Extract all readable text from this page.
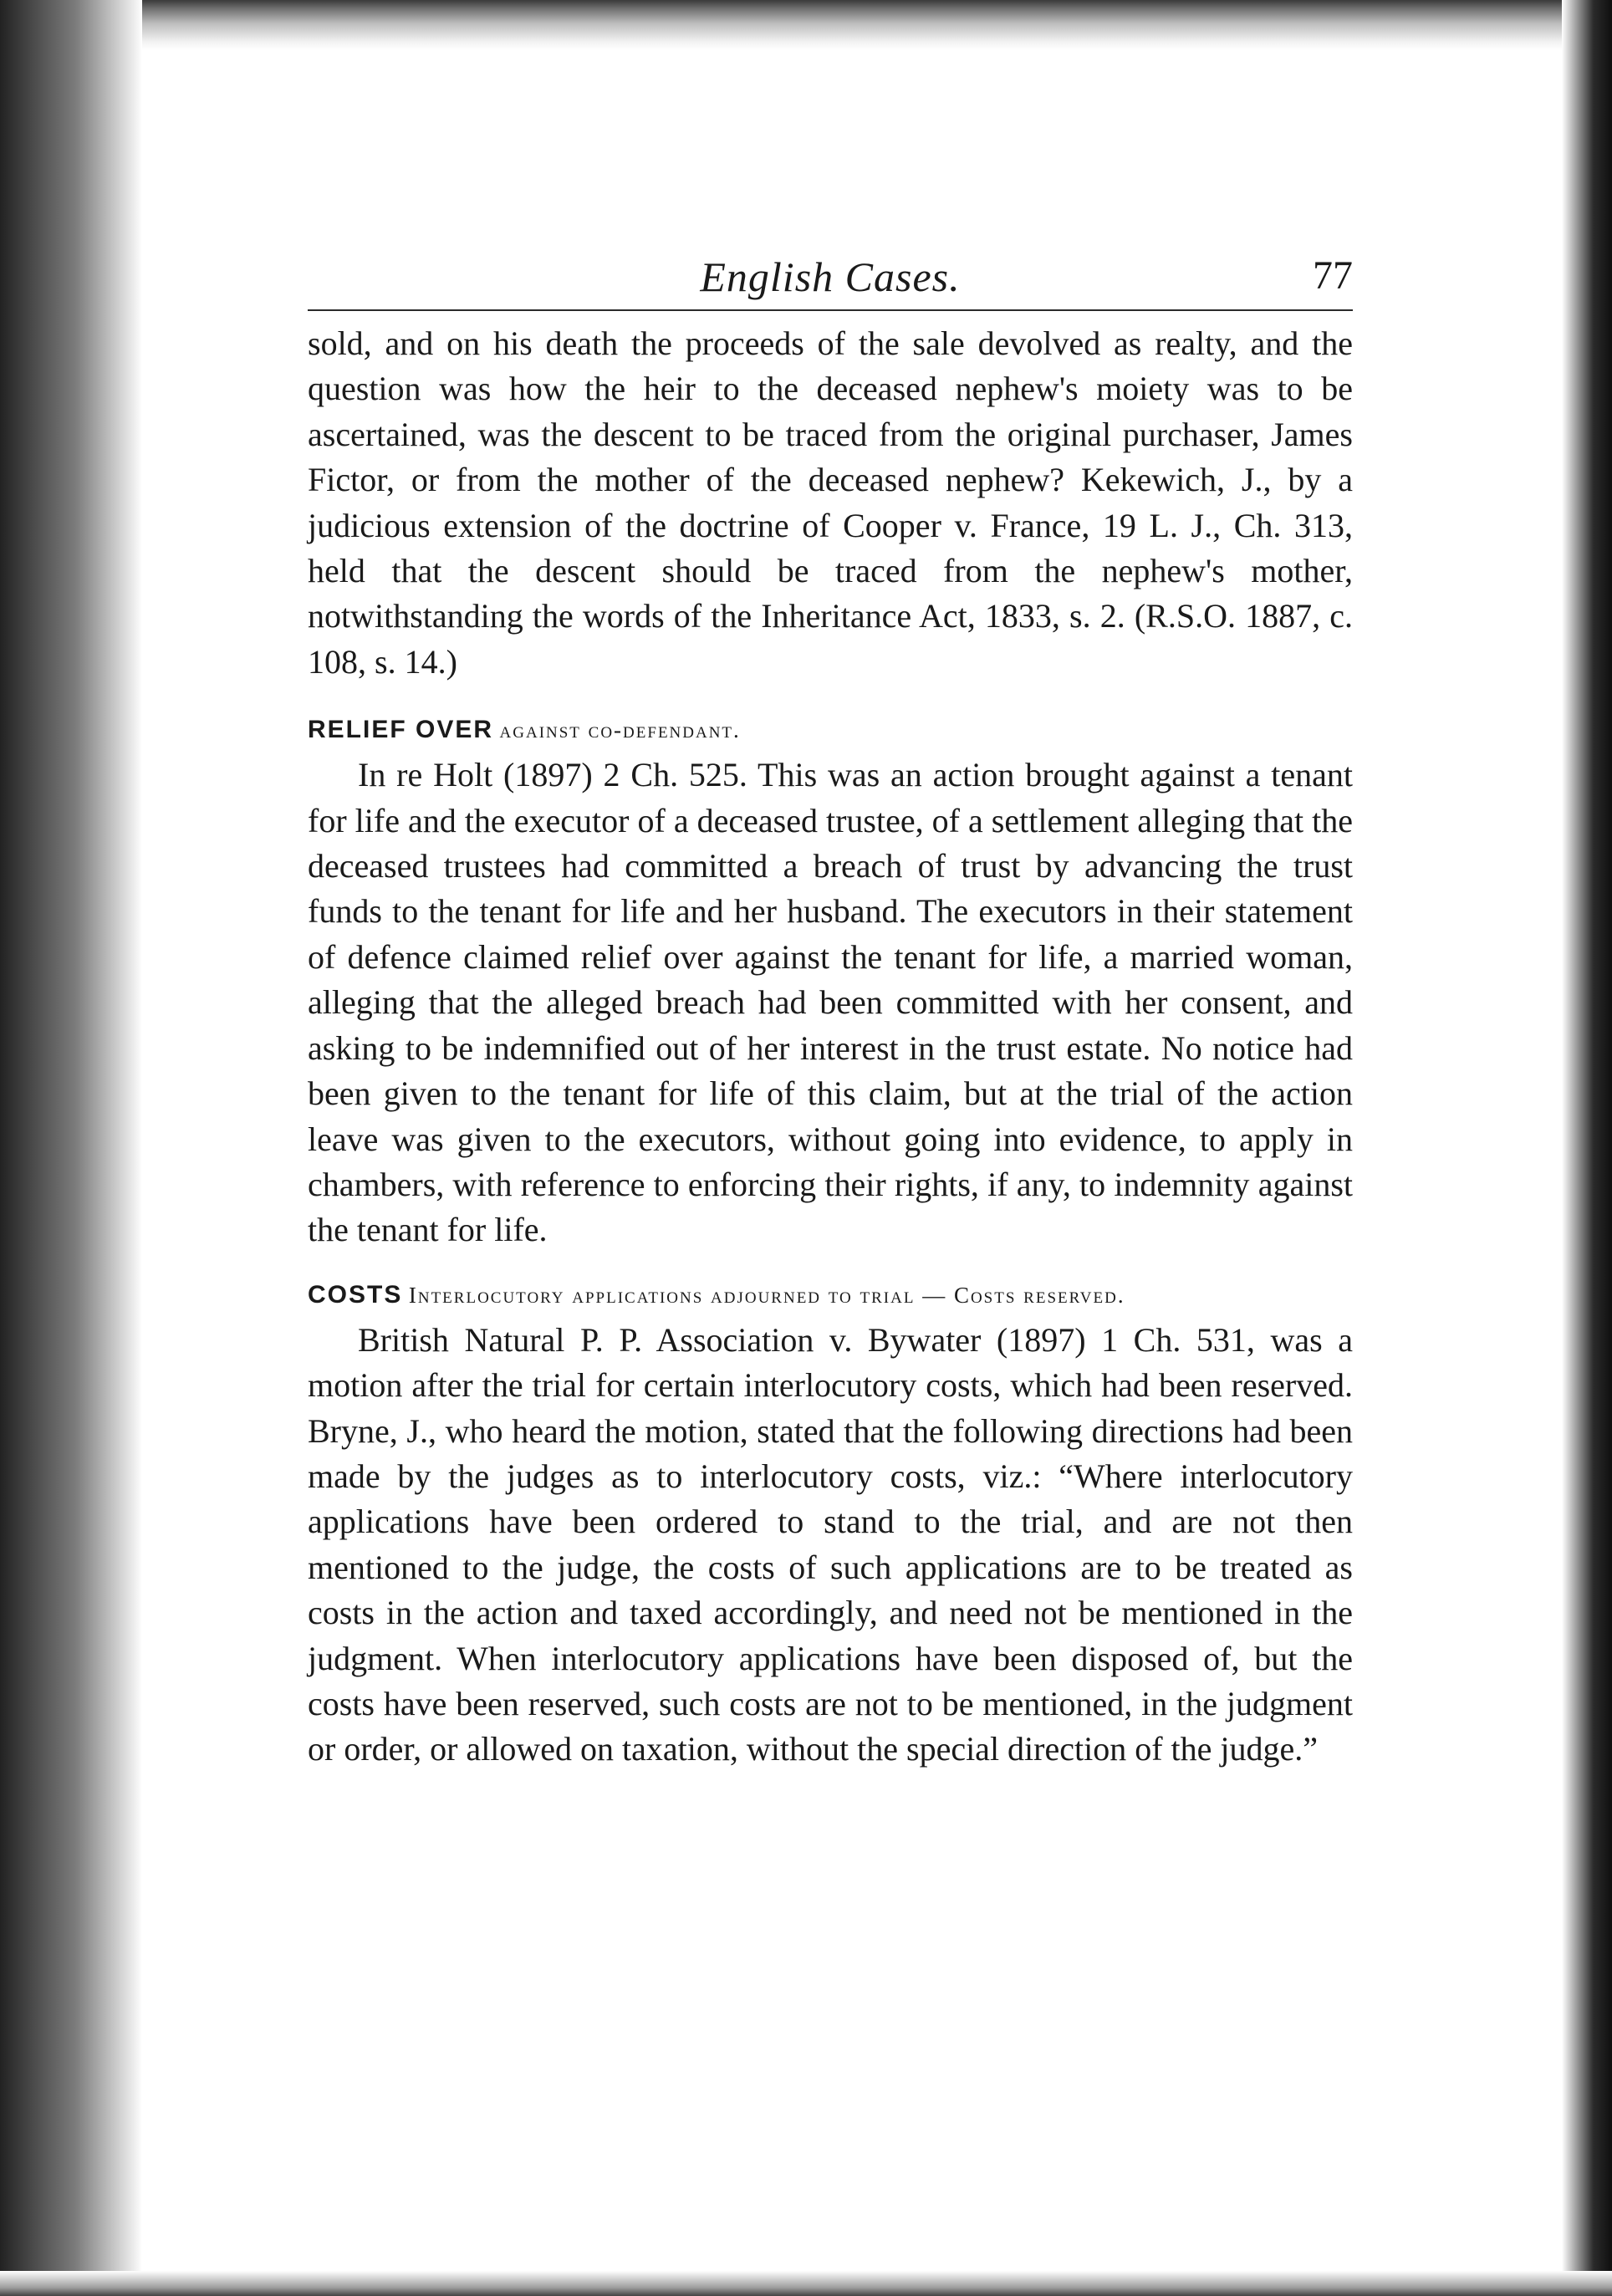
English Cases.	77

sold, and on his death the proceeds of the sale devolved as realty, and the question was how the heir to the deceased nephew's moiety was to be ascertained, was the descent to be traced from the original purchaser, James Fictor, or from the mother of the deceased nephew? Kekewich, J., by a judicious extension of the doctrine of Cooper v. France, 19 L. J., Ch. 313, held that the descent should be traced from the nephew's mother, notwithstanding the words of the Inheritance Act, 1833, s. 2. (R.S.O. 1887, c. 108, s. 14.)

RELIEF OVER against co-defendant.

In re Holt (1897) 2 Ch. 525. This was an action brought against a tenant for life and the executor of a deceased trustee, of a settlement alleging that the deceased trustees had committed a breach of trust by advancing the trust funds to the tenant for life and her husband. The executors in their statement of defence claimed relief over against the tenant for life, a married woman, alleging that the alleged breach had been committed with her consent, and asking to be indemnified out of her interest in the trust estate. No notice had been given to the tenant for life of this claim, but at the trial of the action leave was given to the executors, without going into evidence, to apply in chambers, with reference to enforcing their rights, if any, to indemnity against the tenant for life.

COSTS Interlocutory applications adjourned to trial — Costs reserved.

British Natural P. P. Association v. Bywater (1897) 1 Ch. 531, was a motion after the trial for certain interlocutory costs, which had been reserved. Bryne, J., who heard the motion, stated that the following directions had been made by the judges as to interlocutory costs, viz.: “Where interlocutory applications have been ordered to stand to the trial, and are not then mentioned to the judge, the costs of such applications are to be treated as costs in the action and taxed accordingly, and need not be mentioned in the judgment. When interlocutory applications have been disposed of, but the costs have been reserved, such costs are not to be mentioned, in the judgment or order, or allowed on taxation, without the special direction of the judge.”
